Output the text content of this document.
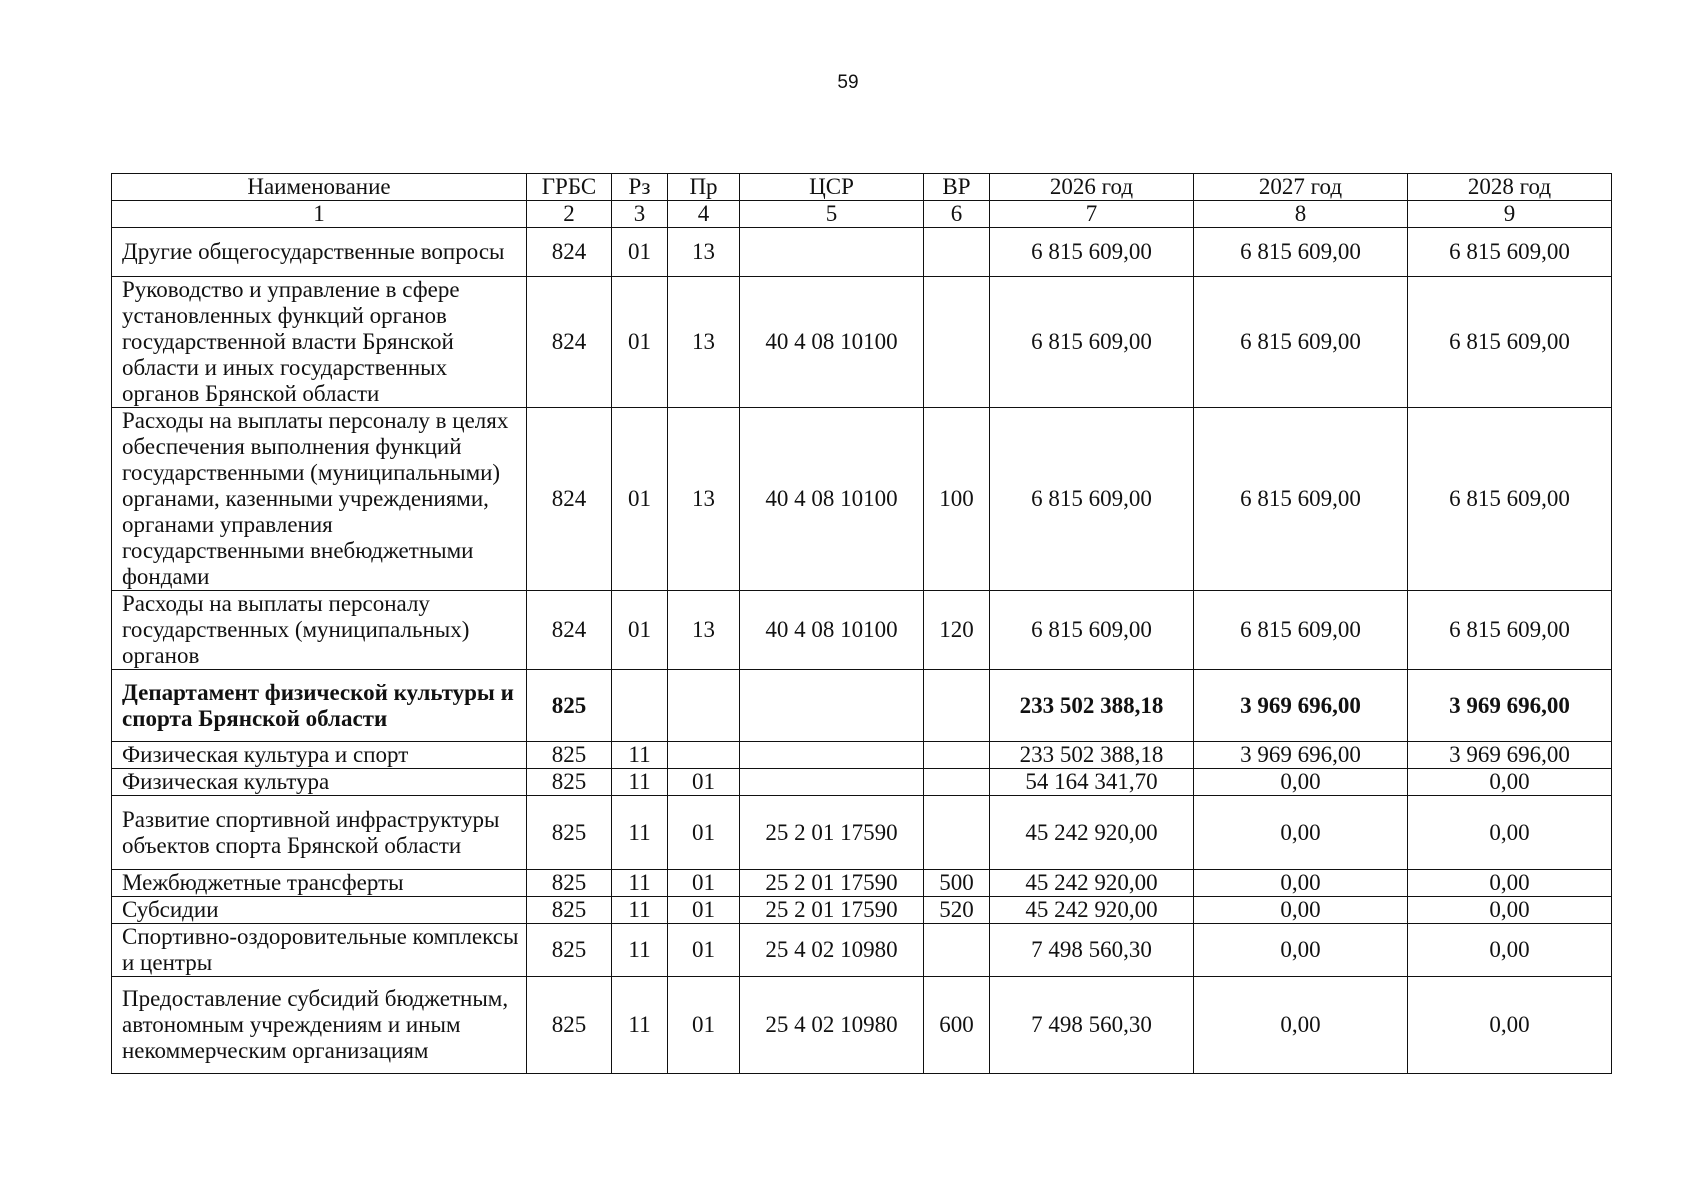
59
Наименование	ГРБС	Рз	Пр	ЦСР	ВР	2026 год	2027 год	2028 год
1	2	3	4	5	6	7	8	9
Другие общегосударственные вопросы	824	01	13			6 815 609,00	6 815 609,00	6 815 609,00
Руководство и управление в сфере установленных функций органов государственной власти Брянской области и иных государственных органов Брянской области	824	01	13	40 4 08 10100		6 815 609,00	6 815 609,00	6 815 609,00
Расходы на выплаты персоналу в целях обеспечения выполнения функций государственными (муниципальными) органами, казенными учреждениями, органами управления государственными внебюджетными фондами	824	01	13	40 4 08 10100	100	6 815 609,00	6 815 609,00	6 815 609,00
Расходы на выплаты персоналу государственных (муниципальных) органов	824	01	13	40 4 08 10100	120	6 815 609,00	6 815 609,00	6 815 609,00
Департамент физической культуры и спорта Брянской области	825					233 502 388,18	3 969 696,00	3 969 696,00
Физическая культура и спорт	825	11				233 502 388,18	3 969 696,00	3 969 696,00
Физическая культура	825	11	01			54 164 341,70	0,00	0,00
Развитие спортивной инфраструктуры объектов спорта Брянской области	825	11	01	25 2 01 17590		45 242 920,00	0,00	0,00
Межбюджетные трансферты	825	11	01	25 2 01 17590	500	45 242 920,00	0,00	0,00
Субсидии	825	11	01	25 2 01 17590	520	45 242 920,00	0,00	0,00
Спортивно-оздоровительные комплексы и центры	825	11	01	25 4 02 10980		7 498 560,30	0,00	0,00
Предоставление субсидий бюджетным, автономным учреждениям и иным некоммерческим организациям	825	11	01	25 4 02 10980	600	7 498 560,30	0,00	0,00
